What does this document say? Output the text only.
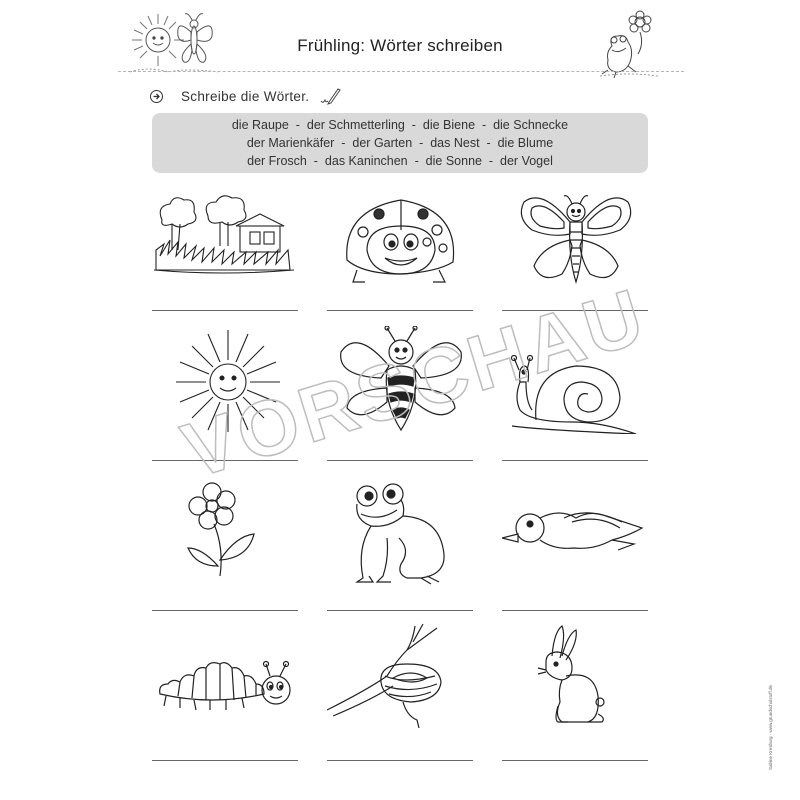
Frühling: Wörter schreiben
Schreibe die Wörter.
die Raupe  -  der Schmetterling  -  die Biene  -  die Schnecke
der Marienkäfer  -  der Garten  -  das Nest  -  die Blume
der Frosch  -  das Kaninchen  -  die Sonne  -  der Vogel
VORSCHAU
Sabine Kresburg · www.grundschulstoff.de
